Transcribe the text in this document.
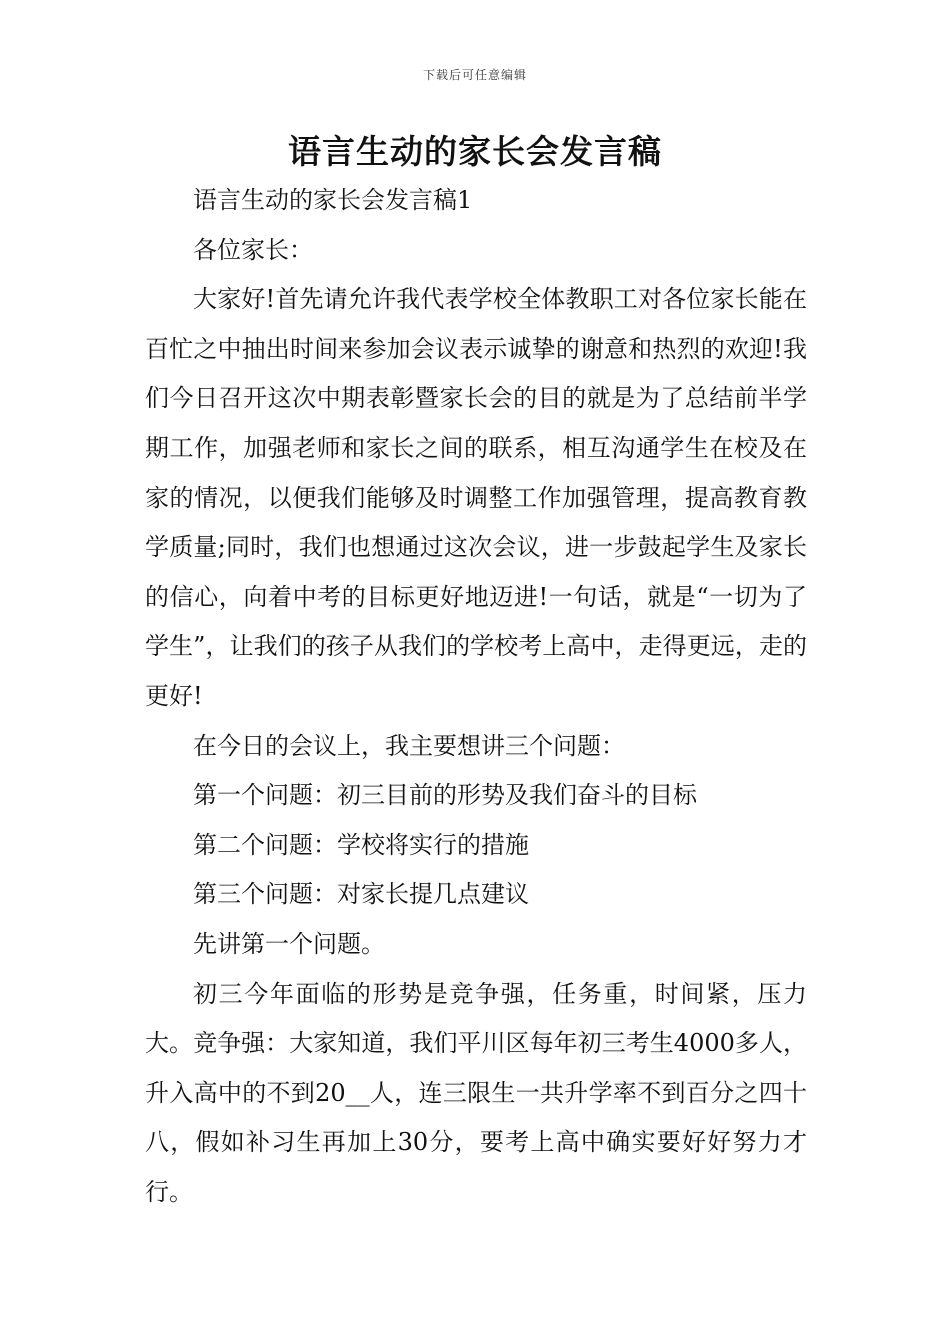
下载后可任意编辑
语言生动的家长会发言稿

语言生动的家长会发言稿1

各位家长：

大家好!首先请允许我代表学校全体教职工对各位家长能在百忙之中抽出时间来参加会议表示诚挚的谢意和热烈的欢迎!我们今日召开这次中期表彰暨家长会的目的就是为了总结前半学期工作，加强老师和家长之间的联系，相互沟通学生在校及在家的情况，以便我们能够及时调整工作加强管理，提高教育教学质量;同时，我们也想通过这次会议，进一步鼓起学生及家长的信心，向着中考的目标更好地迈进!一句话，就是“一切为了学生”，让我们的孩子从我们的学校考上高中，走得更远，走的更好!

在今日的会议上，我主要想讲三个问题：

第一个问题：初三目前的形势及我们奋斗的目标

第二个问题：学校将实行的措施

第三个问题：对家长提几点建议

先讲第一个问题。

初三今年面临的形势是竞争强，任务重，时间紧，压力大。竞争强：大家知道，我们平川区每年初三考生4000多人，升入高中的不到20__人，连三限生一共升学率不到百分之四十八，假如补习生再加上30分，要考上高中确实要好好努力才行。
